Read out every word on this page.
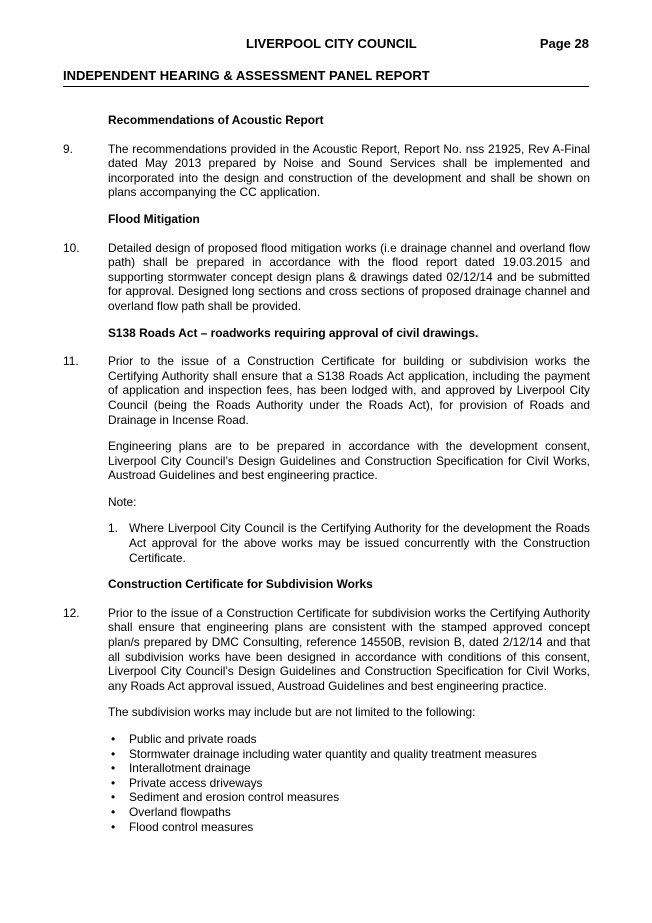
LIVERPOOL CITY COUNCIL	Page 28
INDEPENDENT HEARING & ASSESSMENT PANEL REPORT
Recommendations of Acoustic Report
9.	The recommendations provided in the Acoustic Report, Report No. nss 21925, Rev A-Final dated May 2013 prepared by Noise and Sound Services shall be implemented and incorporated into the design and construction of the development and shall be shown on plans accompanying the CC application.
Flood Mitigation
10. Detailed design of proposed flood mitigation works (i.e drainage channel and overland flow path) shall be prepared in accordance with the flood report dated 19.03.2015 and supporting stormwater concept design plans & drawings dated 02/12/14 and be submitted for approval. Designed long sections and cross sections of proposed drainage channel and overland flow path shall be provided.
S138 Roads Act – roadworks requiring approval of civil drawings.
11. Prior to the issue of a Construction Certificate for building or subdivision works the Certifying Authority shall ensure that a S138 Roads Act application, including the payment of application and inspection fees, has been lodged with, and approved by Liverpool City Council (being the Roads Authority under the Roads Act), for provision of Roads and Drainage in Incense Road.
Engineering plans are to be prepared in accordance with the development consent, Liverpool City Council’s Design Guidelines and Construction Specification for Civil Works, Austroad Guidelines and best engineering practice.
Note:
1. Where Liverpool City Council is the Certifying Authority for the development the Roads Act approval for the above works may be issued concurrently with the Construction Certificate.
Construction Certificate for Subdivision Works
12. Prior to the issue of a Construction Certificate for subdivision works the Certifying Authority shall ensure that engineering plans are consistent with the stamped approved concept plan/s prepared by DMC Consulting, reference 14550B, revision B, dated 2/12/14 and that all subdivision works have been designed in accordance with conditions of this consent, Liverpool City Council’s Design Guidelines and Construction Specification for Civil Works, any Roads Act approval issued, Austroad Guidelines and best engineering practice.
The subdivision works may include but are not limited to the following:
• Public and private roads
• Stormwater drainage including water quantity and quality treatment measures
• Interallotment drainage
• Private access driveways
• Sediment and erosion control measures
• Overland flowpaths
• Flood control measures
